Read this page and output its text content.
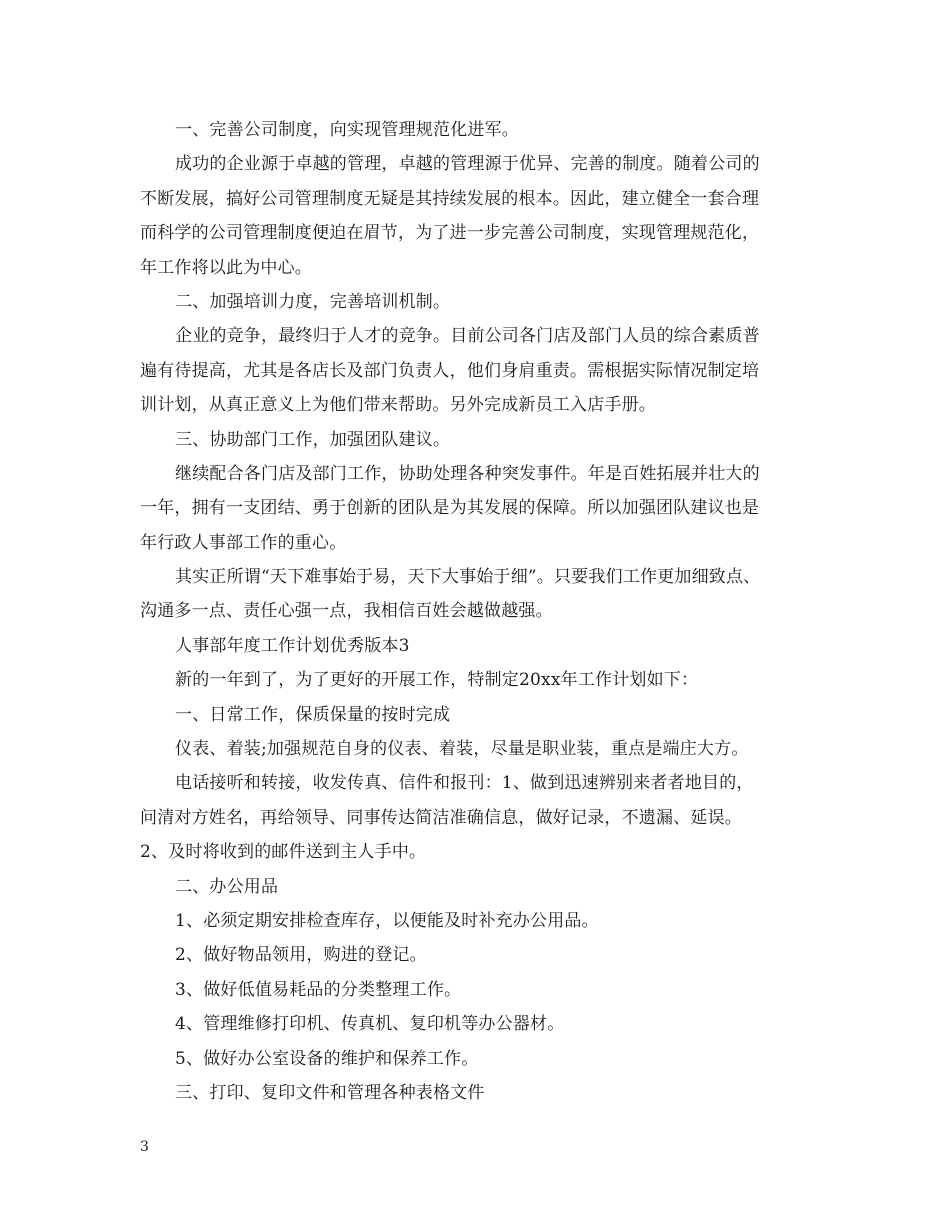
一、完善公司制度，向实现管理规范化进军。
成功的企业源于卓越的管理，卓越的管理源于优异、完善的制度。随着公司的
不断发展，搞好公司管理制度无疑是其持续发展的根本。因此，建立健全一套合理
而科学的公司管理制度便迫在眉节，为了进一步完善公司制度，实现管理规范化，
年工作将以此为中心。
二、加强培训力度，完善培训机制。
企业的竞争，最终归于人才的竞争。目前公司各门店及部门人员的综合素质普
遍有待提高，尤其是各店长及部门负责人，他们身肩重责。需根据实际情况制定培
训计划，从真正意义上为他们带来帮助。另外完成新员工入店手册。
三、协助部门工作，加强团队建议。
继续配合各门店及部门工作，协助处理各种突发事件。年是百姓拓展并壮大的
一年，拥有一支团结、勇于创新的团队是为其发展的保障。所以加强团队建议也是
年行政人事部工作的重心。
其实正所谓“天下难事始于易，天下大事始于细”。只要我们工作更加细致点、
沟通多一点、责任心强一点，我相信百姓会越做越强。
人事部年度工作计划优秀版本3
新的一年到了，为了更好的开展工作，特制定20xx年工作计划如下：
一、日常工作，保质保量的按时完成
仪表、着装;加强规范自身的仪表、着装，尽量是职业装，重点是端庄大方。
电话接听和转接，收发传真、信件和报刊：1、做到迅速辨别来者者地目的，
问清对方姓名，再给领导、同事传达简洁准确信息，做好记录，不遗漏、延误。
2、及时将收到的邮件送到主人手中。
二、办公用品
1、必须定期安排检查库存，以便能及时补充办公用品。
2、做好物品领用，购进的登记。
3、做好低值易耗品的分类整理工作。
4、管理维修打印机、传真机、复印机等办公器材。
5、做好办公室设备的维护和保养工作。
三、打印、复印文件和管理各种表格文件
3
